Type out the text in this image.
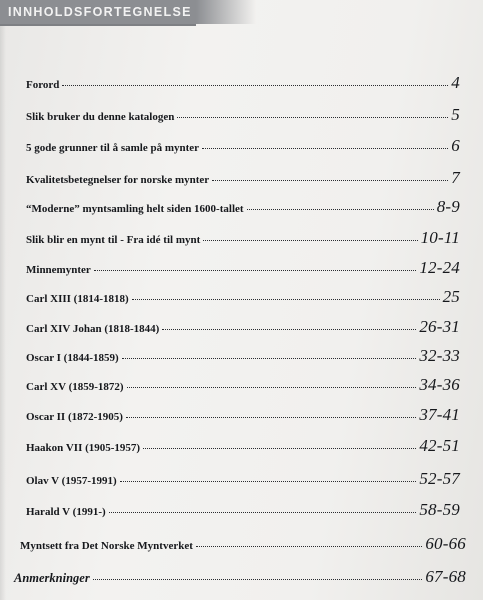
INNHOLDSFORTEGNELSE
Forord	4
Slik bruker du denne katalogen	5
5 gode grunner til å samle på mynter	6
Kvalitetsbetegnelser for norske mynter	7
“Moderne” myntsamling helt siden 1600-tallet	8-9
Slik blir en mynt til - Fra idé til mynt	10-11
Minnemynter	12-24
Carl XIII (1814-1818)	25
Carl XIV Johan (1818-1844)	26-31
Oscar I (1844-1859)	32-33
Carl XV (1859-1872)	34-36
Oscar II (1872-1905)	37-41
Haakon VII (1905-1957)	42-51
Olav V (1957-1991)	52-57
Harald V (1991-)	58-59
Myntsett fra Det Norske Myntverket	60-66
Anmerkninger	67-68
